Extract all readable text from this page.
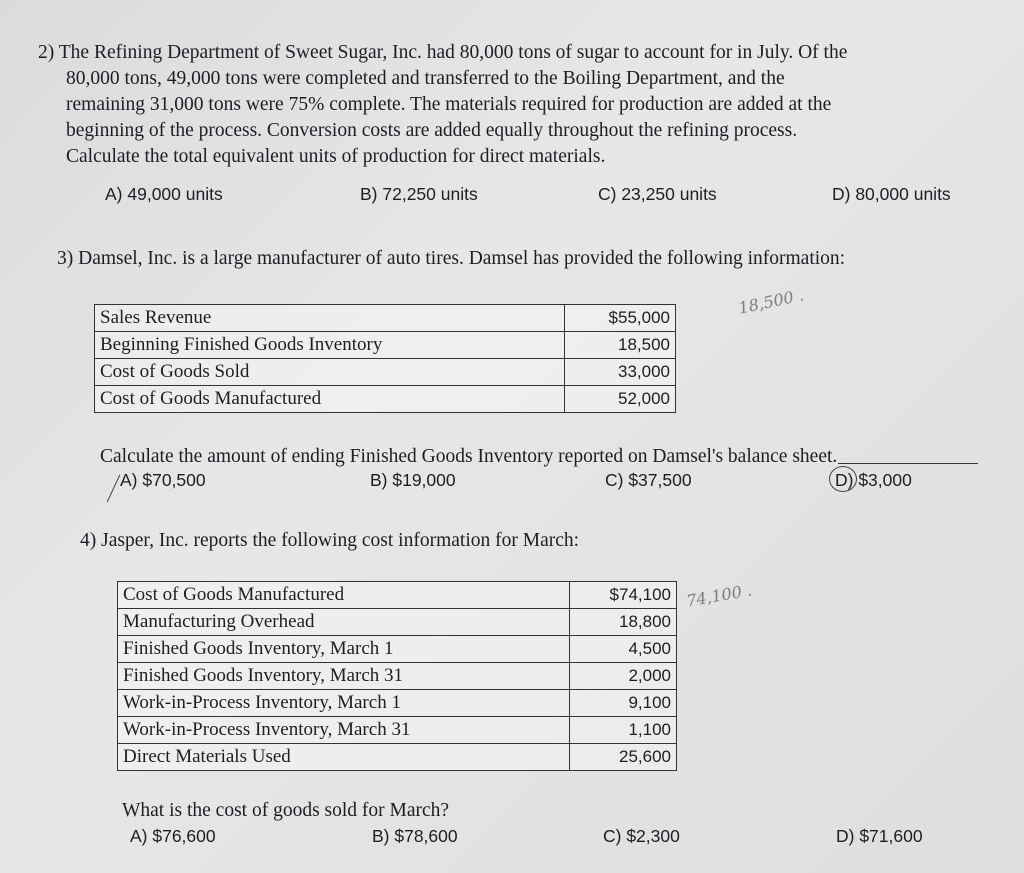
2) The Refining Department of Sweet Sugar, Inc. had 80,000 tons of sugar to account for in July. Of the
80,000 tons, 49,000 tons were completed and transferred to the Boiling Department, and the
remaining 31,000 tons were 75% complete. The materials required for production are added at the
beginning of the process. Conversion costs are added equally throughout the refining process.
Calculate the total equivalent units of production for direct materials.
A) 49,000 units	B) 72,250 units	C) 23,250 units	D) 80,000 units
3) Damsel, Inc. is a large manufacturer of auto tires. Damsel has provided the following information:
Sales Revenue	$55,000
Beginning Finished Goods Inventory	18,500
Cost of Goods Sold	33,000
Cost of Goods Manufactured	52,000
18,500 .
Calculate the amount of ending Finished Goods Inventory reported on Damsel's balance sheet.
A) $70,500	B) $19,000	C) $37,500	D) $3,000
4) Jasper, Inc. reports the following cost information for March:
Cost of Goods Manufactured	$74,100
Manufacturing Overhead	18,800
Finished Goods Inventory, March 1	4,500
Finished Goods Inventory, March 31	2,000
Work-in-Process Inventory, March 1	9,100
Work-in-Process Inventory, March 31	1,100
Direct Materials Used	25,600
74,100 .
What is the cost of goods sold for March?
A) $76,600	B) $78,600	C) $2,300	D) $71,600
